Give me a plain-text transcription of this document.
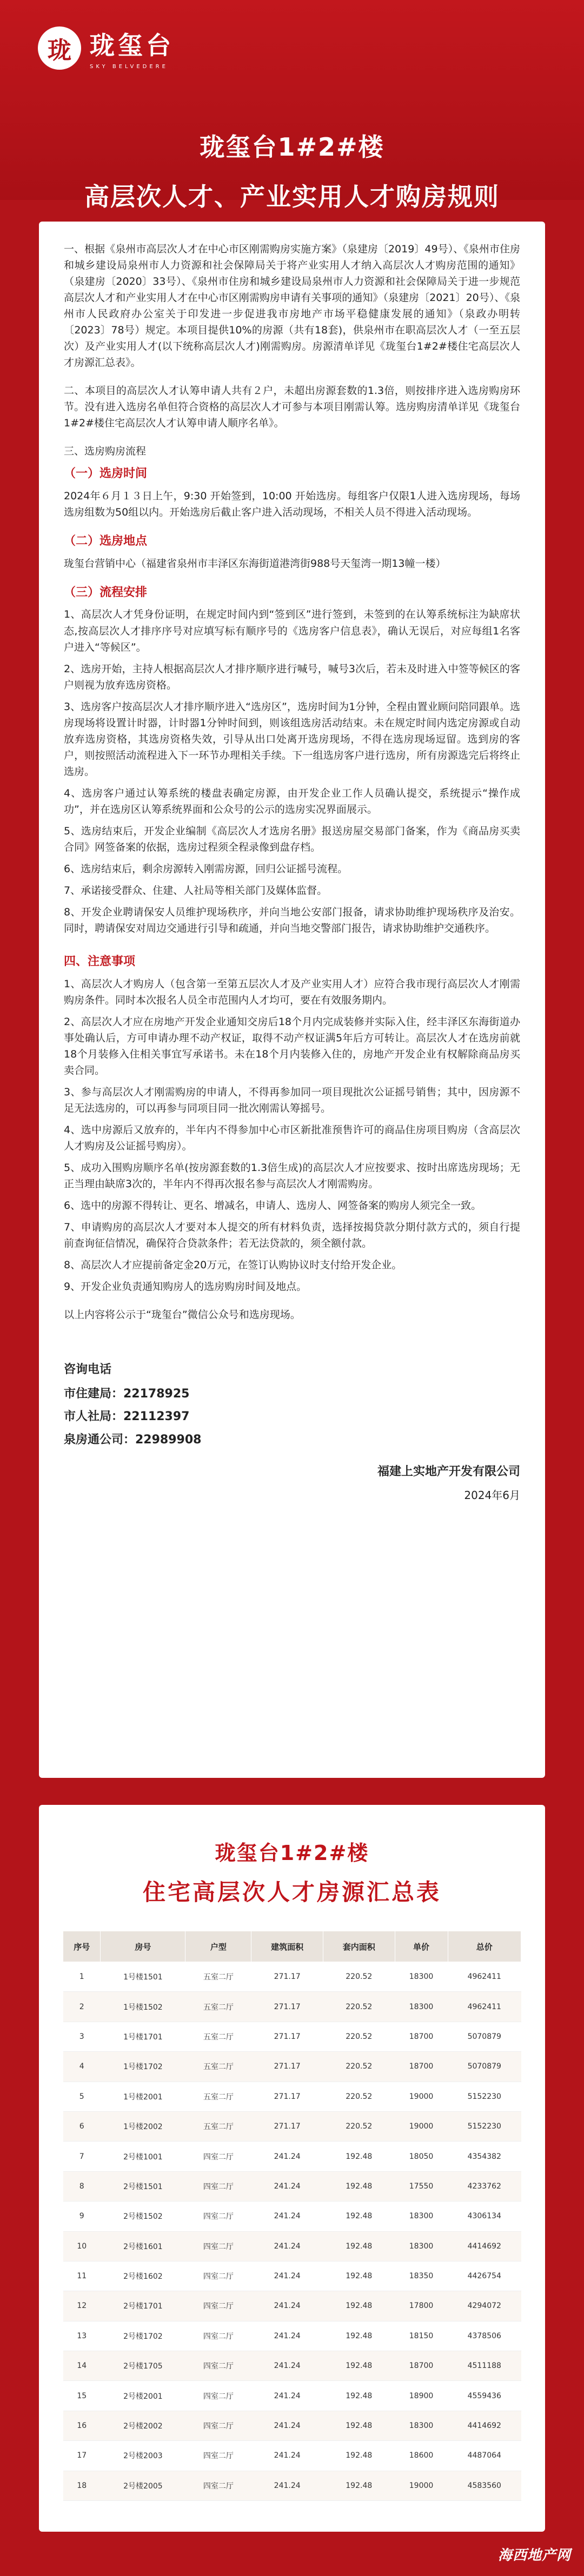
珑 珑玺台
SKY BELVEDERE
珑玺台1#2#楼
高层次人才、产业实用人才购房规则

一、根据《泉州市高层次人才在中心市区刚需购房实施方案》（泉建房〔2019〕49号）、《泉州市住房和城乡建设局泉州市人力资源和社会保障局关于将产业实用人才纳入高层次人才购房范围的通知》（泉建房〔2020〕33号）、《泉州市住房和城乡建设局泉州市人力资源和社会保障局关于进一步规范高层次人才和产业实用人才在中心市区刚需购房申请有关事项的通知》（泉建房〔2021〕20号）、《泉州市人民政府办公室关于印发进一步促进我市房地产市场平稳健康发展的通知》（泉政办明转〔2023〕78号）规定。本项目提供10%的房源（共有18套)，供泉州市在职高层次人才（一至五层次）及产业实用人才(以下统称高层次人才)刚需购房。房源清单详见《珑玺台1#2#楼住宅高层次人才房源汇总表》。

二、本项目的高层次人才认筹申请人共有２户，未超出房源套数的1.3倍，则按排序进入选房购房环节。没有进入选房名单但符合资格的高层次人才可参与本项目刚需认筹。选房购房清单详见《珑玺台1#2#楼住宅高层次人才认筹申请人顺序名单》。

三、选房购房流程

（一）选房时间

2024年６月１３日上午，9:30 开始签到，10:00 开始选房。每组客户仅限1人进入选房现场，每场选房组数为50组以内。开始选房后截止客户进入活动现场，不相关人员不得进入活动现场。

（二）选房地点

珑玺台营销中心（福建省泉州市丰泽区东海街道港湾街988号天玺湾一期13幢一楼）

（三）流程安排

1、高层次人才凭身份证明，在规定时间内到“签到区”进行签到，未签到的在认筹系统标注为缺席状态,按高层次人才排序序号对应填写标有顺序号的《选房客户信息表》，确认无误后，对应每组1名客户进入“等候区”。

2、选房开始，主持人根据高层次人才排序顺序进行喊号，喊号3次后，若未及时进入中签等候区的客户则视为放弃选房资格。

3、选房客户按高层次人才排序顺序进入“选房区”，选房时间为1分钟，全程由置业顾问陪同跟单。选房现场将设置计时器，计时器1分钟时间到，则该组选房活动结束。未在规定时间内选定房源或自动放弃选房资格，其选房资格失效，引导从出口处离开选房现场，不得在选房现场逗留。选到房的客户，则按照活动流程进入下一环节办理相关手续。下一组选房客户进行选房，所有房源选完后将终止选房。

4、选房客户通过认筹系统的楼盘表确定房源，由开发企业工作人员确认提交，系统提示“操作成功”，并在选房区认筹系统界面和公众号的公示的选房实况界面展示。

5、选房结束后，开发企业编制《高层次人才选房名册》报送房屋交易部门备案，作为《商品房买卖合同》网签备案的依据，选房过程须全程录像到盘存档。

6、选房结束后，剩余房源转入刚需房源，回归公证摇号流程。

7、承诺接受群众、住建、人社局等相关部门及媒体监督。

8、开发企业聘请保安人员维护现场秩序，并向当地公安部门报备，请求协助维护现场秩序及治安。同时，聘请保安对周边交通进行引导和疏通，并向当地交警部门报告，请求协助维护交通秩序。

四、注意事项

1、高层次人才购房人（包含第一至第五层次人才及产业实用人才）应符合我市现行高层次人才刚需购房条件。同时本次报名人员全市范围内人才均可，要在有效服务期内。

2、高层次人才应在房地产开发企业通知交房后18个月内完成装修并实际入住，经丰泽区东海街道办事处确认后，方可申请办理不动产权证，取得不动产权证满5年后方可转让。高层次人才在选房前就18个月装修入住相关事宜写承诺书。未在18个月内装修入住的，房地产开发企业有权解除商品房买卖合同。

3、参与高层次人才刚需购房的申请人，不得再参加同一项目现批次公证摇号销售；其中，因房源不足无法选房的，可以再参与同项目同一批次刚需认筹摇号。

4、选中房源后又放弃的，半年内不得参加中心市区新批准预售许可的商品住房项目购房（含高层次人才购房及公证摇号购房）。

5、成功入围购房顺序名单(按房源套数的1.3倍生成)的高层次人才应按要求、按时出席选房现场；无正当理由缺席3次的，半年内不得再次报名参与高层次人才刚需购房。

6、选中的房源不得转让、更名、增减名，申请人、选房人、网签备案的购房人须完全一致。

7、申请购房的高层次人才要对本人提交的所有材料负责，选择按揭贷款分期付款方式的，须自行提前查询征信情况，确保符合贷款条件；若无法贷款的，须全额付款。

8、高层次人才应提前备定金20万元，在签订认购协议时支付给开发企业。

9、开发企业负责通知购房人的选房购房时间及地点。

以上内容将公示于“珑玺台”微信公众号和选房现场。

咨询电话
市住建局：22178925
市人社局：22112397
泉房通公司：22989908
福建上实地产开发有限公司
2024年6月
珑玺台1#2#楼
住宅高层次人才房源汇总表
序号	房号	户型	建筑面积	套内面积	单价	总价
1	1号楼1501	五室二厅	271.17	220.52	18300	4962411
2	1号楼1502	五室二厅	271.17	220.52	18300	4962411
3	1号楼1701	五室二厅	271.17	220.52	18700	5070879
4	1号楼1702	五室二厅	271.17	220.52	18700	5070879
5	1号楼2001	五室二厅	271.17	220.52	19000	5152230
6	1号楼2002	五室二厅	271.17	220.52	19000	5152230
7	2号楼1001	四室二厅	241.24	192.48	18050	4354382
8	2号楼1501	四室二厅	241.24	192.48	17550	4233762
9	2号楼1502	四室二厅	241.24	192.48	18300	4306134
10	2号楼1601	四室二厅	241.24	192.48	18300	4414692
11	2号楼1602	四室二厅	241.24	192.48	18350	4426754
12	2号楼1701	四室二厅	241.24	192.48	17800	4294072
13	2号楼1702	四室二厅	241.24	192.48	18150	4378506
14	2号楼1705	四室二厅	241.24	192.48	18700	4511188
15	2号楼2001	四室二厅	241.24	192.48	18900	4559436
16	2号楼2002	四室二厅	241.24	192.48	18300	4414692
17	2号楼2003	四室二厅	241.24	192.48	18600	4487064
18	2号楼2005	四室二厅	241.24	192.48	19000	4583560
海西地产网
